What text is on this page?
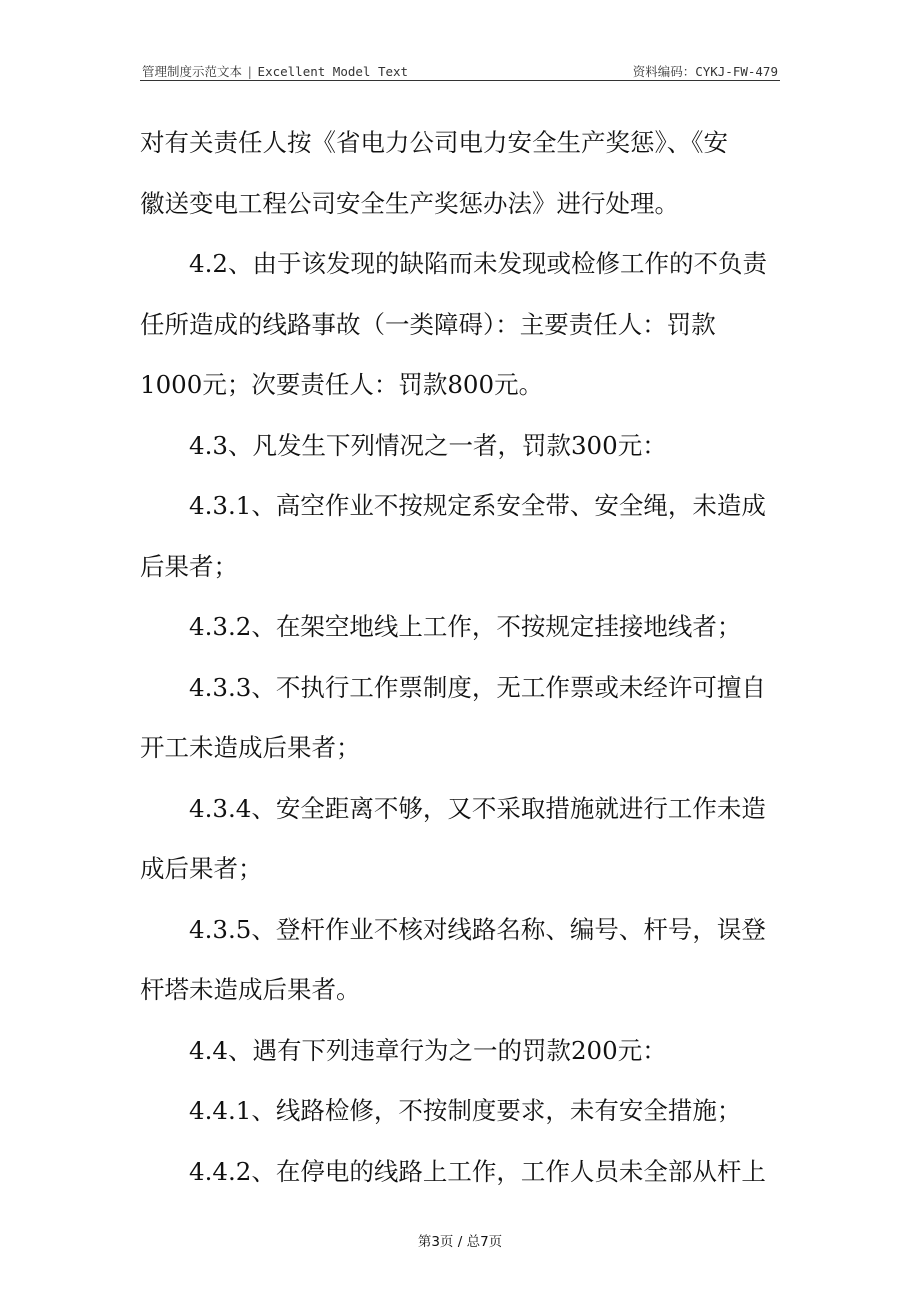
管理制度示范文本 | Excellent Model Text	资料编码：CYKJ-FW-479
对有关责任人按《省电力公司电力安全生产奖惩》、《安
徽送变电工程公司安全生产奖惩办法》进行处理。
4.2、由于该发现的缺陷而未发现或检修工作的不负责
任所造成的线路事故（一类障碍）：主要责任人：罚款
1000元；次要责任人：罚款800元。
4.3、凡发生下列情况之一者，罚款300元：
4.3.1、高空作业不按规定系安全带、安全绳，未造成
后果者；
4.3.2、在架空地线上工作，不按规定挂接地线者；
4.3.3、不执行工作票制度，无工作票或未经许可擅自
开工未造成后果者；
4.3.4、安全距离不够，又不采取措施就进行工作未造
成后果者；
4.3.5、登杆作业不核对线路名称、编号、杆号，误登
杆塔未造成后果者。
4.4、遇有下列违章行为之一的罚款200元：
4.4.1、线路检修，不按制度要求，未有安全措施；
4.4.2、在停电的线路上工作，工作人员未全部从杆上
第3页 / 总7页
